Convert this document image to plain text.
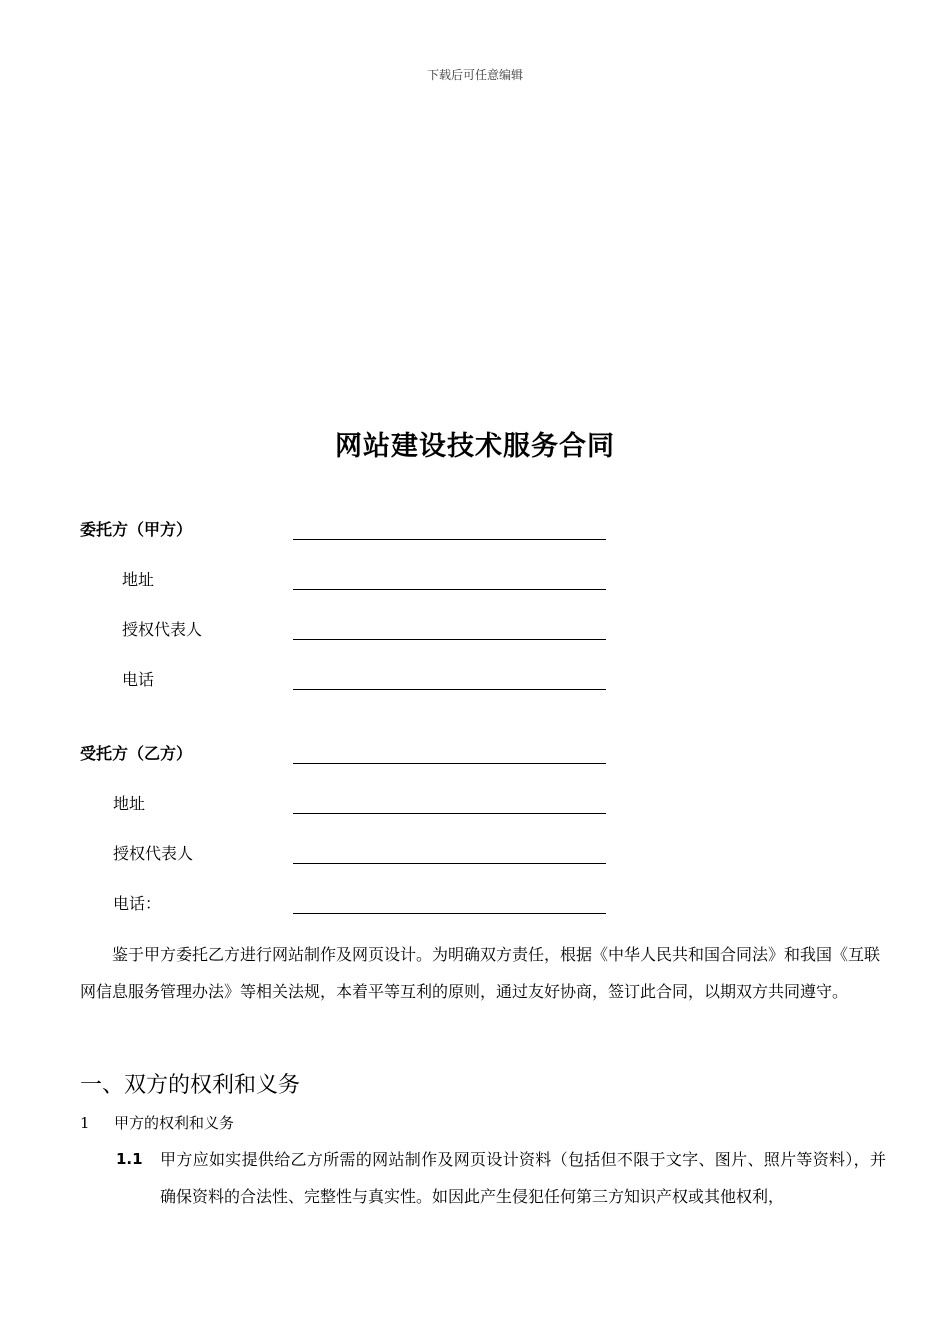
下载后可任意编辑
网站建设技术服务合同
委托方（甲方）
地址
授权代表人
电话
受托方（乙方）
地址
授权代表人
电话：
鉴于甲方委托乙方进行网站制作及网页设计。为明确双方责任，根据《中华人民共和国合同法》和我国《互联网信息服务管理办法》等相关法规，本着平等互利的原则，通过友好协商，签订此合同，以期双方共同遵守。
一、双方的权利和义务
1 甲方的权利和义务
1.1 甲方应如实提供给乙方所需的网站制作及网页设计资料（包括但不限于文字、图片、照片等资料），并确保资料的合法性、完整性与真实性。如因此产生侵犯任何第三方知识产权或其他权利，
